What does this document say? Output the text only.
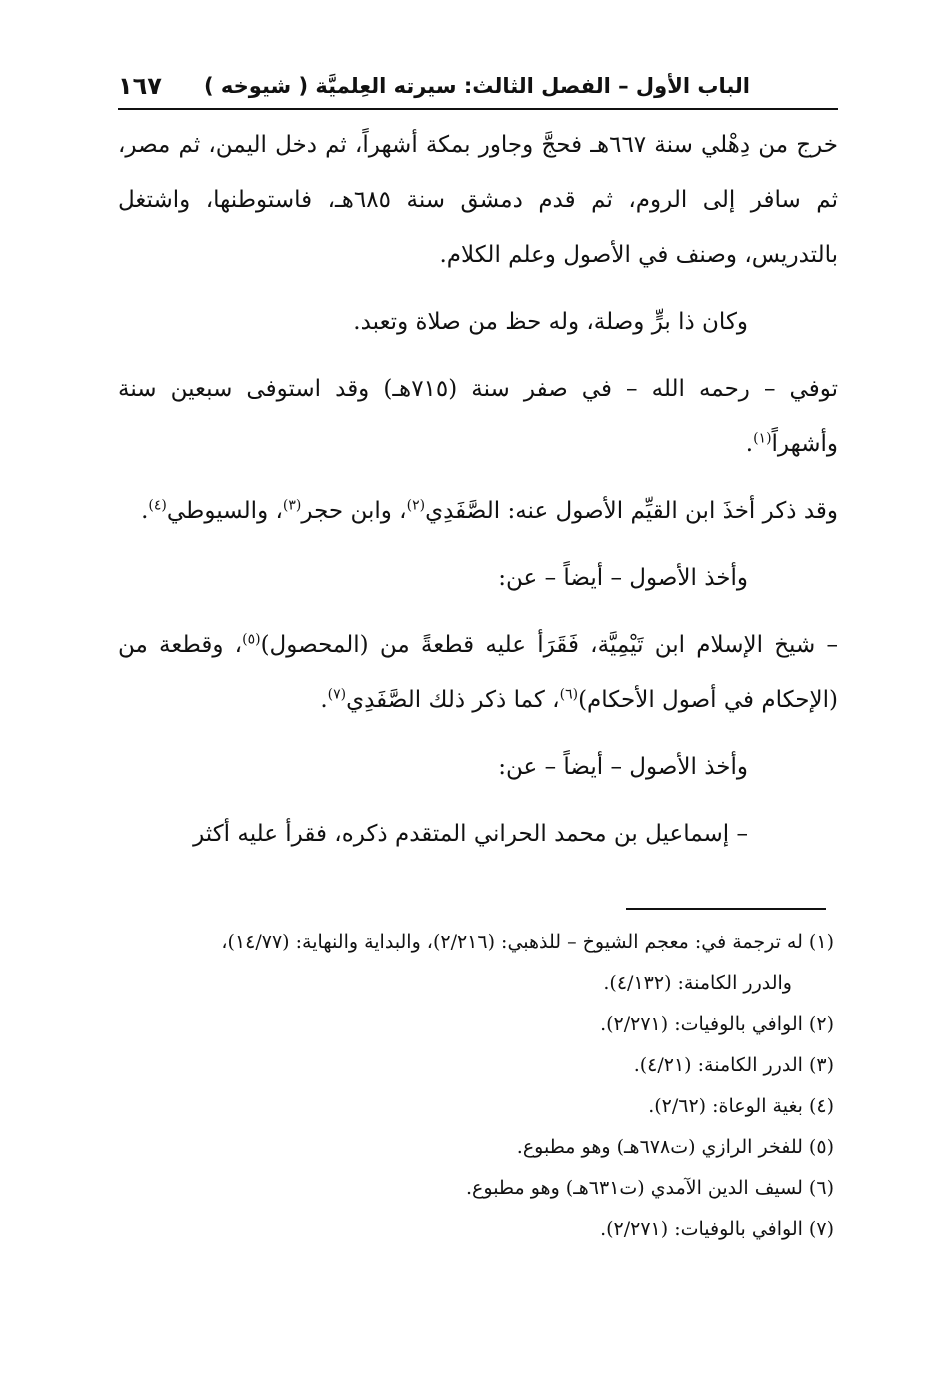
الباب الأول – الفصل الثالث: سيرته العِلميَّة ( شيوخه )
١٦٧

خرج من دِهْلي سنة ٦٦٧هـ فحجَّ وجاور بمكة أشهراً، ثم دخل اليمن، ثم مصر، ثم سافر إلى الروم، ثم قدم دمشق سنة ٦٨٥هـ، فاستوطنها، واشتغل بالتدريس، وصنف في الأصول وعلم الكلام.

وكان ذا برٍّ وصلة، وله حظ من صلاة وتعبد.

توفي – رحمه الله – في صفر سنة (٧١٥هـ) وقد استوفى سبعين سنة وأشهراً$^{(١)}$.

وقد ذكر أخذَ ابن القيِّم الأصول عنه: الصَّفَدِي$^{(٢)}$، وابن حجر$^{(٣)}$، والسيوطي$^{(٤)}$.

وأخذ الأصول – أيضاً – عن:

– شيخ الإسلام ابن تَيْمِيَّة، فَقَرَأ عليه قطعةً من (المحصول)$^{(٥)}$، وقطعة من (الإحكام في أصول الأحكام)$^{(٦)}$، كما ذكر ذلك الصَّفَدِي$^{(٧)}$.

وأخذ الأصول – أيضاً – عن:

– إسماعيل بن محمد الحراني المتقدم ذكره، فقرأ عليه أكثر

(١) له ترجمة في: معجم الشيوخ – للذهبي: (٢/٢١٦)، والبداية والنهاية: (١٤/٧٧)،

والدرر الكامنة: (٤/١٣٢).

(٢) الوافي بالوفيات: (٢/٢٧١).

(٣) الدرر الكامنة: (٤/٢١).

(٤) بغية الوعاة: (٢/٦٢).

(٥) للفخر الرازي (ت٦٧٨هـ) وهو مطبوع.

(٦) لسيف الدين الآمدي (ت٦٣١هـ) وهو مطبوع.

(٧) الوافي بالوفيات: (٢/٢٧١).
